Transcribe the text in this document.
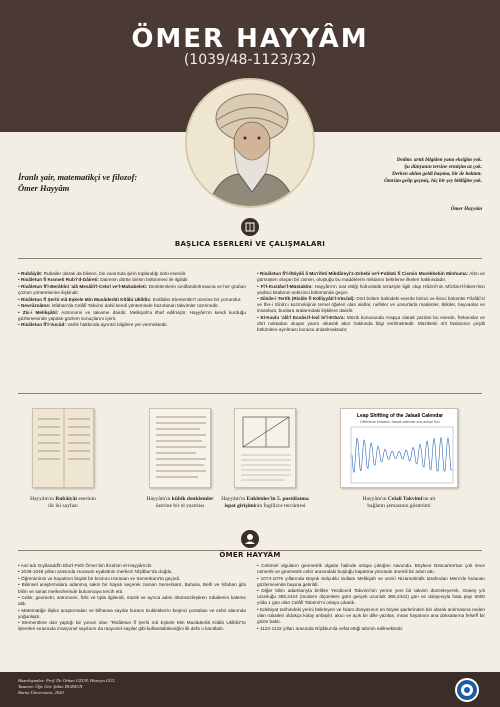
ÖMER HAYYÂM
(1039/48-1123/32)
İranlı şair, matematikçi ve filozof:
Ömer Hayyâm
Dedim: artık bilgiden yana eksiğim yok.
Şu dünyanın tersine ermişim az çok.
Derken aklım geldi başıma, bir de baktım:
Ömrüm gelip geçmiş, hiç bir şey bildiğim yok.
Ömer Hayyâm
BAŞLICA ESERLERİ VE ÇALIŞMALARI
• Rubâiyât: Rubailer olarak da bilinen, bin civarında şiirin toplandığı ünlü eseridir.
• Risâletun fî Kısmeti Rub'i'd-Dâireti: Dairenin dörtte birinin bölünmesi ile ilgilidir.
• Risâletun fî'l-Berâhîni 'alâ Mesâili'l-Cebri ve'l-Mukabeleti: Denklemlerin sınıflandırılmasına ve her grubun çözüm yöntemlerine ilişkindir.
• Risâletun fî Şerhi mâ Eşkele Min Musâderâti Kitâbi Uklîdis: Euklides Elementler'i üzerine bir yorumdur.
• Nevrûznâme: İsfahan'da Celâlî Takvimi dahil kendi yönteminde hazırlanan takvimler üzerinedir.
• Zîc-i Melikşâhî: Astronomi ve takvime dairdir. Melikşah'a ithaf edilmiştir. Hayyâm'ın kendi kurduğu gözlemevinde yapılan gözlem sonuçlarını içerir.
• Risâletun fî'l-Vucûd: Varlık hakkında ayrıntılı bilgilere yer vermektedir.
• Risâletun fî'l-İhtiyâli li Ma'rifeti Mikdâreyi'z-Zehebi ve'l-Fıddati fî Cismin Murekkebin Minhuma: Altın ve gümüşten oluşan bir cismin, oluştuğu bu maddelerin miktarını belirleme ilkeleri hakkındadır.
• Fî'l-Kustâsi'l-Müstakîm: Hayyâm'ın icat ettiği hidrostatik teraziyle ilgili olup Hâzinî'nin Mîzânü'l-hikem'inin yedinci kitabının sekizinci bölümünde geçer.
• Silsile-i Tertîb (Risâle fî Külliyyâti'l-Vücûd): Dört bölüm halindeki eserde birinci ve ikinci bölümler Fârâbî'ci ve İbn-i Sînâ'cı kozmolojinin temel öğeleri olan akıllar, nefisler ve unsurlarla madenler, bitkiler, hayvanlar ve insanlara, bunlara aralarındaki ilişkilere dairdir.
• El-Kavlu 'alâ'l Ecnâsi'l-lezî bi'l-Erba'a: Müzik konusunda Arapça olarak yazılan bu eserde, frekanslar ve dört noktadan oluşan yarım oktavlık akor hakkında bilgi verilmektedir. Müzikteki 4/3 faslasının çeşitli bölümlere ayrılması konusu anlatılmaktadır.
Leap Shifting of the Jalaali Calendar
Difference between Jalaali calendar and actual Sun
Hayyâm'ın Rubâiyât eserinin
ilk iki sayfası
Hayyâm'ın kübik denklemler
üzerine bir el yazması
Hayyâm'ın Eukleides'in 5. postülatına
ispat girişiminin İngilizce tercümesi
Hayyâm'ın Celali Takvimi'ne ait
bağlantı şemasının gösterimi
ÖMER HAYYÂM
• Asıl adı Gıyâsüddîn Ebu'l-Feth Ömer bin İbrahim el-Hayyâm'dır.
• 1039-1048 yılları arasında Horasan eyaletinin merkezi Nîşâbur'da doğdu.
• Öğreniminin ve hayatının büyük bir kısmını Horasan ve Semerkant'ta geçirdi.
• Bilimsel araştırmalara adanmış sakin bir hayatı seçerek zaman Semerkant, Buhara, Belh ve İsfahan gibi bilim ve sanat merkezlerinde bulunmaya tercih etti.
• Cebir, geometri, astronomi, fizik ve tıpla ilgilendi, müzik ve ayrıca adını ölümsüzleştiren rubailerini kaleme aldı.
• Matematiğe ilişkin araştırmaları ve bilhassa sayılar kuramı Eukleides'in beşinci postülası ve cebir alanında yoğunlaştı.
• Elementlere dair yaptığı bir yorum olan "Risâletun fî Şerhi mâ Eşkele Min Musâderâti Kitâbi Uklîdis"te işlemleri sırasında irrasyonel sayıların da rasyonel sayılar gibi kullanılabileceğini ilk defa o kanıtladı.
• Cebirsel olguların geometrik olgular halinde ortaya çıktığını savundu. Böylece Descartes'tan çok önce nümerik ve geometrik cebir arasındaki boşluğu kapatma yönünde önemli bir adım attı.
• 1074-1075 yıllarında Büyük Selçuklu Sultanı Melikşah ve veziri Nizamülmülk tarafından Merv'de bulunan gözlemevinde başına getirildi.
• Diğer bilim adamlarıyla birlikte Yezdicerd Takvimi'nin yerine yeni bir takvim düzenleyerek, Güneş yılı uzunluğu 365,2424 (modern ölçümlere göre gerçek uzunluk 365,2422) gün ve dolayısıyla hata payı 5000 yılda 1 gün olan Celâlî Takvimi'ni ortaya çıkardı.
• Edebiyat tarihindeki yerini belirleyen ve İslam dünyasının en büyük şairlerinden biri olarak anılmasına neden olan rubaileri oldukça kolay anlaşılır, akıcı ve açık bir dille yazılan, insan hayatının ana doksalarına felsefî bir gözle baktı.
• 1123-1132 yılları arasında Nîşâbur'da vefat ettiği tahmin edilmektedir.
Hazırlayanlar: Prof. Dr. Orhan UZUN, Hüseyin GÜL
Tasarım: Öğr. Gör. Şahin DURSUN
Bartın Üniversitesi, 2020
